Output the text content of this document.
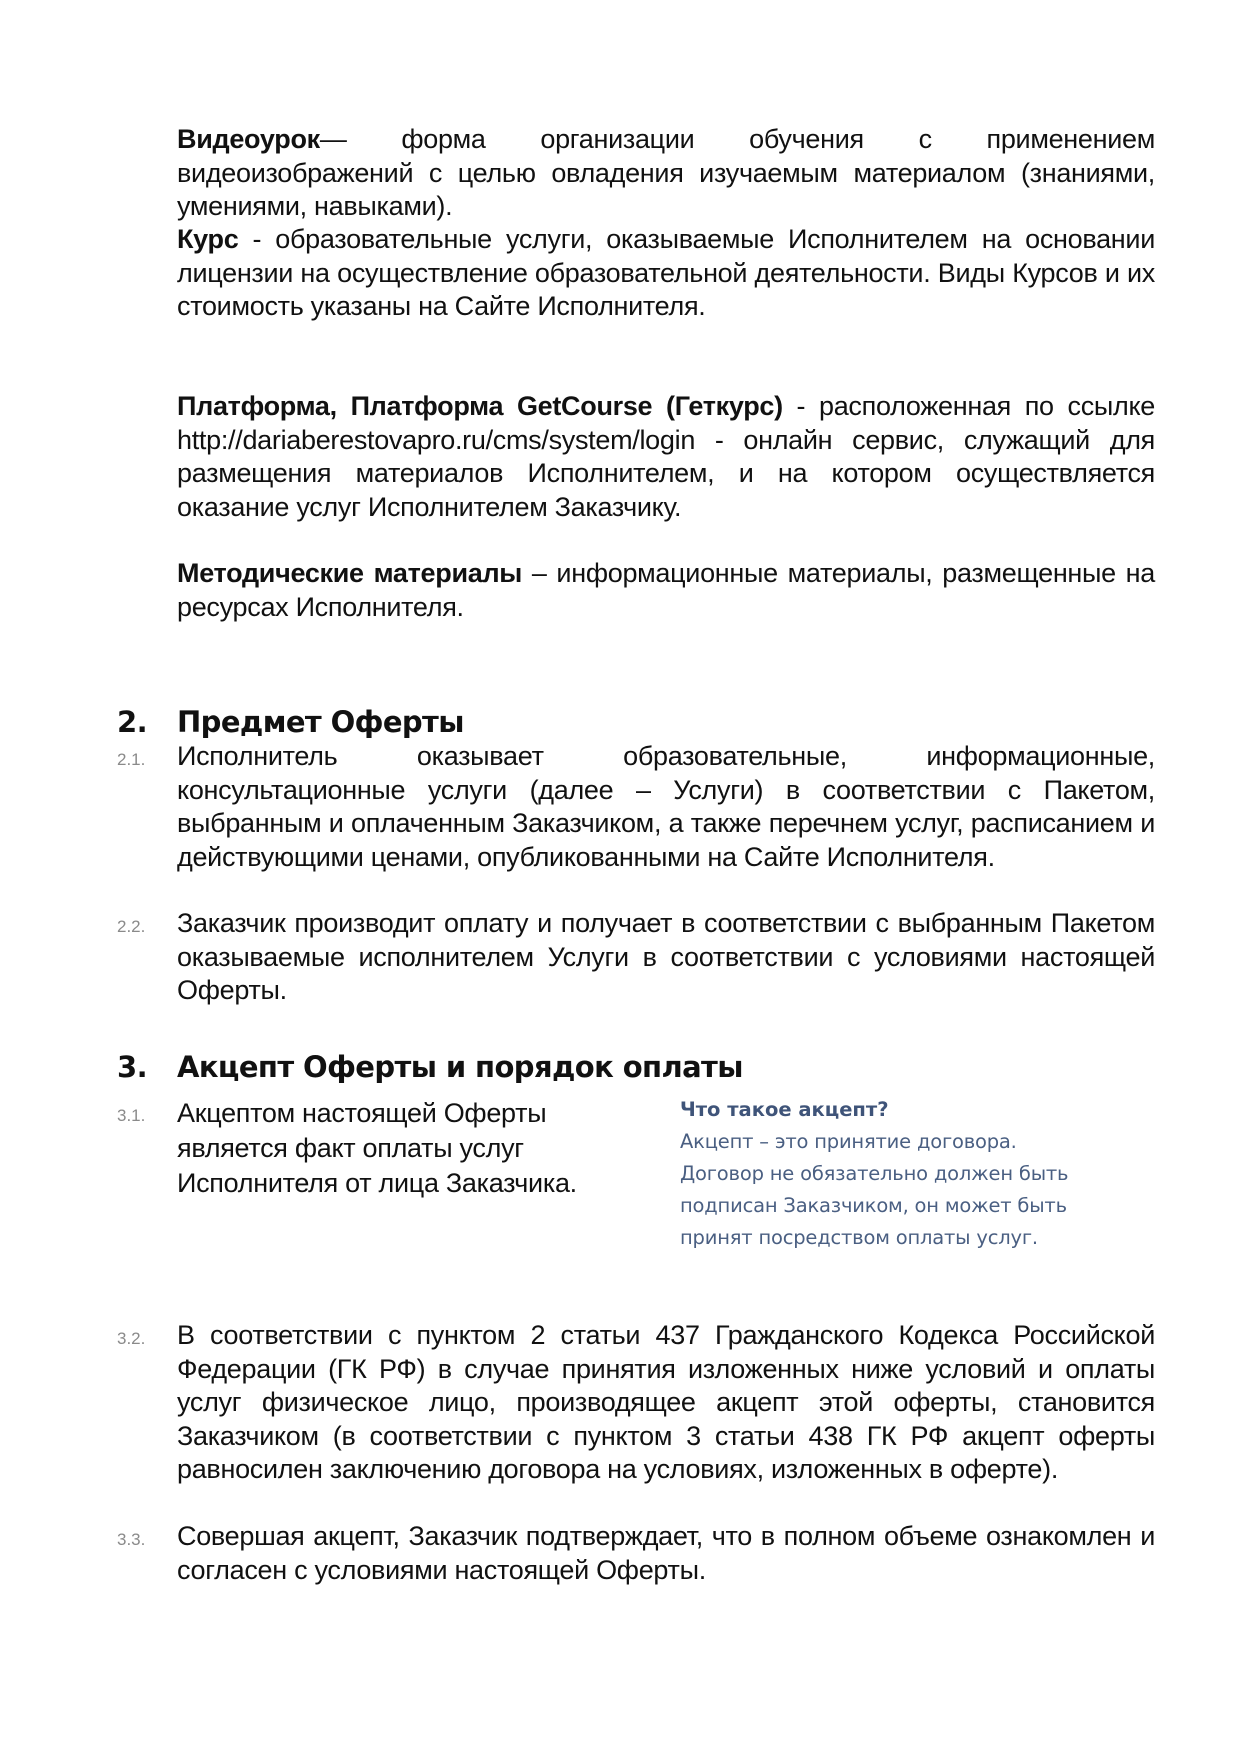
Видеоурок— форма организации обучения с применением видеоизображений с целью овладения изучаемым материалом (знаниями, умениями, навыками).

Курс - образовательные услуги, оказываемые Исполнителем на основании лицензии на осуществление образовательной деятельности. Виды Курсов и их стоимость указаны на Сайте Исполнителя.

Платформа, Платформа GetCourse (Геткурс) - расположенная по ссылке http://dariaberestovapro.ru/cms/system/login - онлайн сервис, служащий для размещения материалов Исполнителем, и на котором осуществляется оказание услуг Исполнителем Заказчику.

Методические материалы – информационные материалы, размещенные на ресурсах Исполнителя.

2. Предмет Оферты
2.1.	Исполнитель оказывает образовательные, информационные, консультационные услуги (далее – Услуги) в соответствии с Пакетом, выбранным и оплаченным Заказчиком, а также перечнем услуг, расписанием и действующими ценами, опубликованными на Сайте Исполнителя.
2.2.	Заказчик производит оплату и получает в соответствии с выбранным Пакетом оказываемые исполнителем Услуги в соответствии с условиями настоящей Оферты.
3. Акцепт Оферты и порядок оплаты
3.1.	Акцептом настоящей Оферты является факт оплаты услуг Исполнителя от лица Заказчика.
Что такое акцепт?
Акцепт – это принятие договора.
Договор не обязательно должен быть
подписан Заказчиком, он может быть
принят посредством оплаты услуг.
3.2.	В соответствии с пунктом 2 статьи 437 Гражданского Кодекса Российской Федерации (ГК РФ) в случае принятия изложенных ниже условий и оплаты услуг физическое лицо, производящее акцепт этой оферты, становится Заказчиком (в соответствии с пунктом 3 статьи 438 ГК РФ акцепт оферты равносилен заключению договора на условиях, изложенных в оферте).
3.3.	Совершая акцепт, Заказчик подтверждает, что в полном объеме ознакомлен и согласен с условиями настоящей Оферты.
